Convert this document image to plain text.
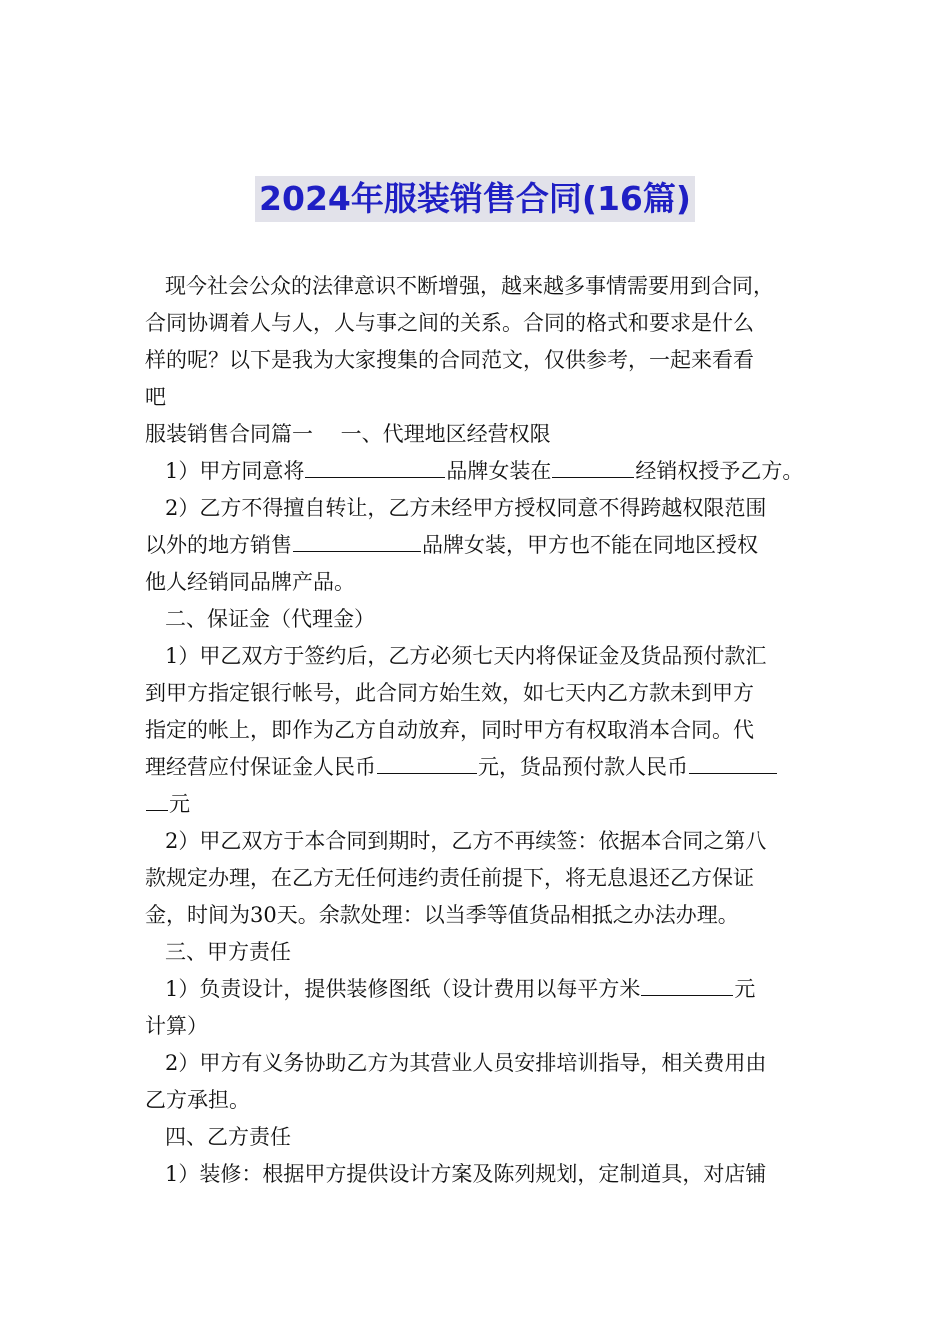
2024年服装销售合同(16篇)
现今社会公众的法律意识不断增强，越来越多事情需要用到合同，
合同协调着人与人，人与事之间的关系。合同的格式和要求是什么
样的呢？以下是我为大家搜集的合同范文，仅供参考，一起来看看
吧
服装销售合同篇一　 一、代理地区经营权限
1）甲方同意将	品牌女装在	经销权授予乙方。
2）乙方不得擅自转让，乙方未经甲方授权同意不得跨越权限范围
以外的地方销售	品牌女装，甲方也不能在同地区授权
他人经销同品牌产品。
二、保证金（代理金）
1）甲乙双方于签约后，乙方必须七天内将保证金及货品预付款汇
到甲方指定银行帐号，此合同方始生效，如七天内乙方款未到甲方
指定的帐上，即作为乙方自动放弃，同时甲方有权取消本合同。代
理经营应付保证金人民币	元，货品预付款人民币
元
2）甲乙双方于本合同到期时，乙方不再续签：依据本合同之第八
款规定办理，在乙方无任何违约责任前提下，将无息退还乙方保证
金，时间为30天。余款处理：以当季等值货品相抵之办法办理。
三、甲方责任
1）负责设计，提供装修图纸（设计费用以每平方米	元
计算）
2）甲方有义务协助乙方为其营业人员安排培训指导，相关费用由
乙方承担。
四、乙方责任
1）装修：根据甲方提供设计方案及陈列规划，定制道具，对店铺
